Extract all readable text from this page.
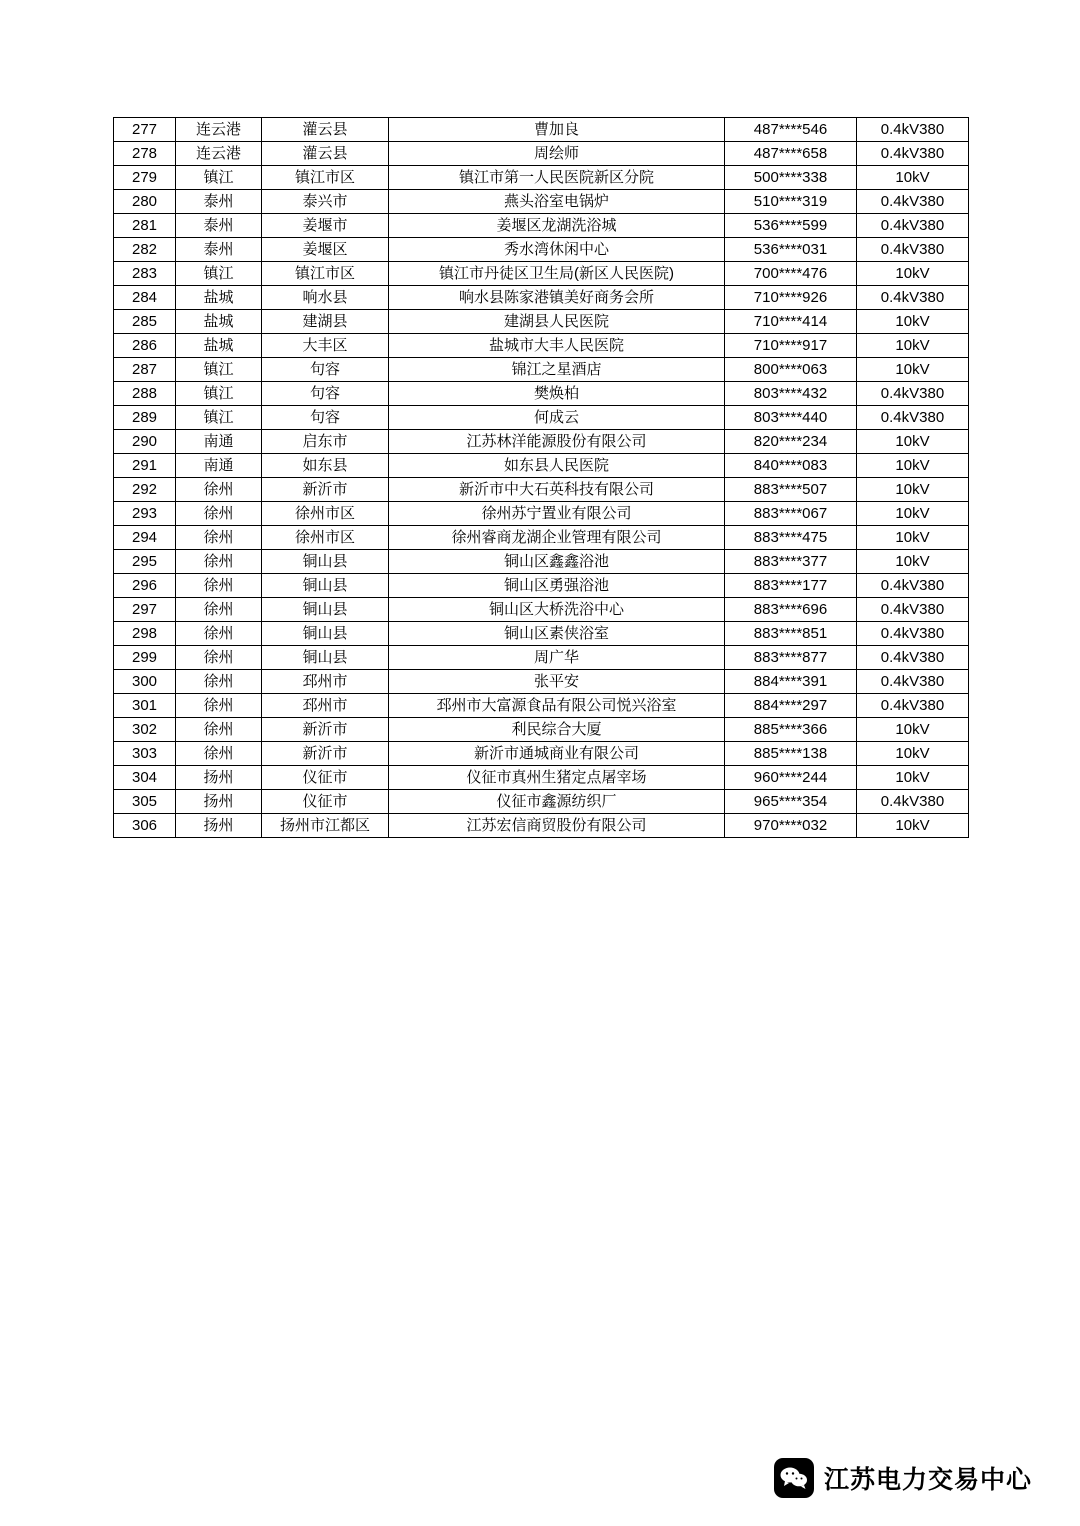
277	连云港	灌云县	曹加良	487****546	0.4kV380
278	连云港	灌云县	周绘师	487****658	0.4kV380
279	镇江	镇江市区	镇江市第一人民医院新区分院	500****338	10kV
280	泰州	泰兴市	燕头浴室电锅炉	510****319	0.4kV380
281	泰州	姜堰市	姜堰区龙湖洗浴城	536****599	0.4kV380
282	泰州	姜堰区	秀水湾休闲中心	536****031	0.4kV380
283	镇江	镇江市区	镇江市丹徒区卫生局(新区人民医院)	700****476	10kV
284	盐城	响水县	响水县陈家港镇美好商务会所	710****926	0.4kV380
285	盐城	建湖县	建湖县人民医院	710****414	10kV
286	盐城	大丰区	盐城市大丰人民医院	710****917	10kV
287	镇江	句容	锦江之星酒店	800****063	10kV
288	镇江	句容	樊焕柏	803****432	0.4kV380
289	镇江	句容	何成云	803****440	0.4kV380
290	南通	启东市	江苏林洋能源股份有限公司	820****234	10kV
291	南通	如东县	如东县人民医院	840****083	10kV
292	徐州	新沂市	新沂市中大石英科技有限公司	883****507	10kV
293	徐州	徐州市区	徐州苏宁置业有限公司	883****067	10kV
294	徐州	徐州市区	徐州睿商龙湖企业管理有限公司	883****475	10kV
295	徐州	铜山县	铜山区鑫鑫浴池	883****377	10kV
296	徐州	铜山县	铜山区勇强浴池	883****177	0.4kV380
297	徐州	铜山县	铜山区大桥洗浴中心	883****696	0.4kV380
298	徐州	铜山县	铜山区素侠浴室	883****851	0.4kV380
299	徐州	铜山县	周广华	883****877	0.4kV380
300	徐州	邳州市	张平安	884****391	0.4kV380
301	徐州	邳州市	邳州市大富源食品有限公司悦兴浴室	884****297	0.4kV380
302	徐州	新沂市	利民综合大厦	885****366	10kV
303	徐州	新沂市	新沂市通城商业有限公司	885****138	10kV
304	扬州	仪征市	仪征市真州生猪定点屠宰场	960****244	10kV
305	扬州	仪征市	仪征市鑫源纺织厂	965****354	0.4kV380
306	扬州	扬州市江都区	江苏宏信商贸股份有限公司	970****032	10kV
江苏电力交易中心
